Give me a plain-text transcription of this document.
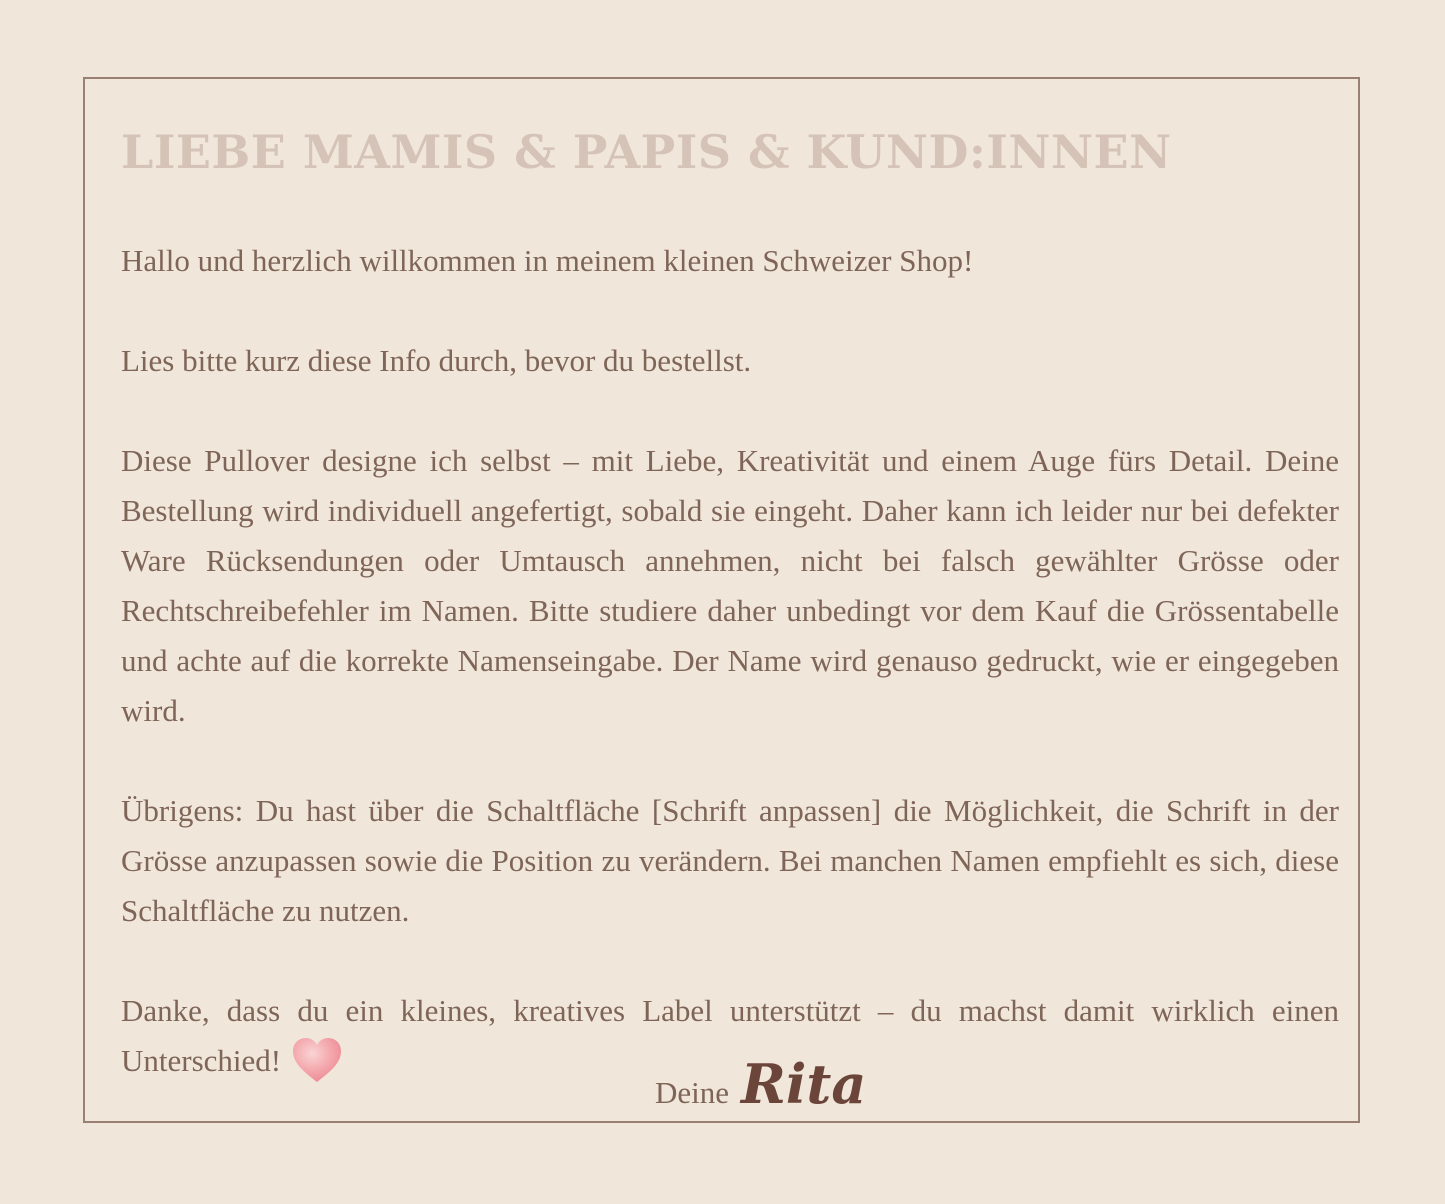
LIEBE MAMIS & PAPIS & KUND:INNEN

Hallo und herzlich willkommen in meinem kleinen Schweizer Shop!

Lies bitte kurz diese Info durch, bevor du bestellst.

Diese Pullover designe ich selbst – mit Liebe, Kreativität und einem Auge fürs Detail. Deine Bestellung wird individuell angefertigt, sobald sie eingeht. Daher kann ich leider nur bei defekter Ware Rücksendungen oder Umtausch annehmen, nicht bei falsch gewählter Grösse oder Rechtschreibefehler im Namen. Bitte studiere daher unbedingt vor dem Kauf die Grössentabelle und achte auf die korrekte Namenseingabe. Der Name wird genauso gedruckt, wie er eingegeben wird.

Übrigens: Du hast über die Schaltfläche [Schrift anpassen] die Möglichkeit, die Schrift in der Grösse anzupassen sowie die Position zu verändern. Bei manchen Namen empfiehlt es sich, diese Schaltfläche zu nutzen.

Danke, dass du ein kleines, kreatives Label unterstützt – du machst damit wirklich einen Unterschied!

Deine Rita
